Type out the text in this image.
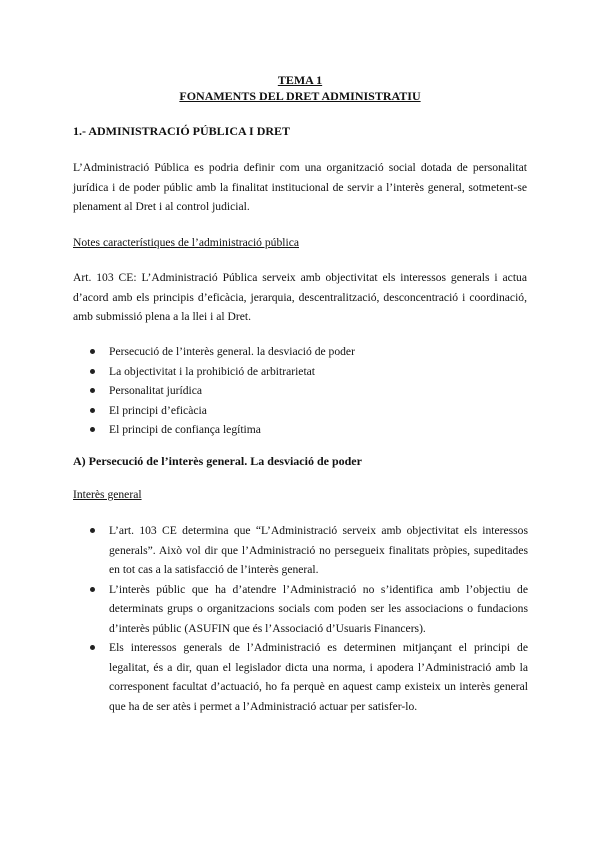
TEMA 1
FONAMENTS DEL DRET ADMINISTRATIU
1.- ADMINISTRACIÓ PÚBLICA I DRET

L’Administració Pública es podria definir com una organització social dotada de personalitat jurídica i de poder públic amb la finalitat institucional de servir a l’interès general, sotmetent-se plenament al Dret i al control judicial.

Notes característiques de l’administració pública

Art. 103 CE: L’Administració Pública serveix amb objectivitat els interessos generals i actua d’acord amb els principis d’eficàcia, jerarquia, descentralització, desconcentració i coordinació, amb submissió plena a la llei i al Dret.

Persecució de l’interès general. la desviació de poder
La objectivitat i la prohibició de arbitrarietat
Personalitat jurídica
El principi d’eficàcia
El principi de confiança legítima
A) Persecució de l’interès general. La desviació de poder
Interès general
L’art. 103 CE determina que “L’Administració serveix amb objectivitat els interessos generals”. Això vol dir que l’Administració no persegueix finalitats pròpies, supeditades en tot cas a la satisfacció de l’interès general.
L’interès públic que ha d’atendre l’Administració no s’identifica amb l’objectiu de determinats grups o organitzacions socials com poden ser les associacions o fundacions d’interès públic (ASUFIN que és l’Associació d’Usuaris Financers).
Els interessos generals de l’Administració es determinen mitjançant el principi de legalitat, és a dir, quan el legislador dicta una norma, i apodera l’Administració amb la corresponent facultat d’actuació, ho fa perquè en aquest camp existeix un interès general que ha de ser atès i permet a l’Administració actuar per satisfer-lo.
